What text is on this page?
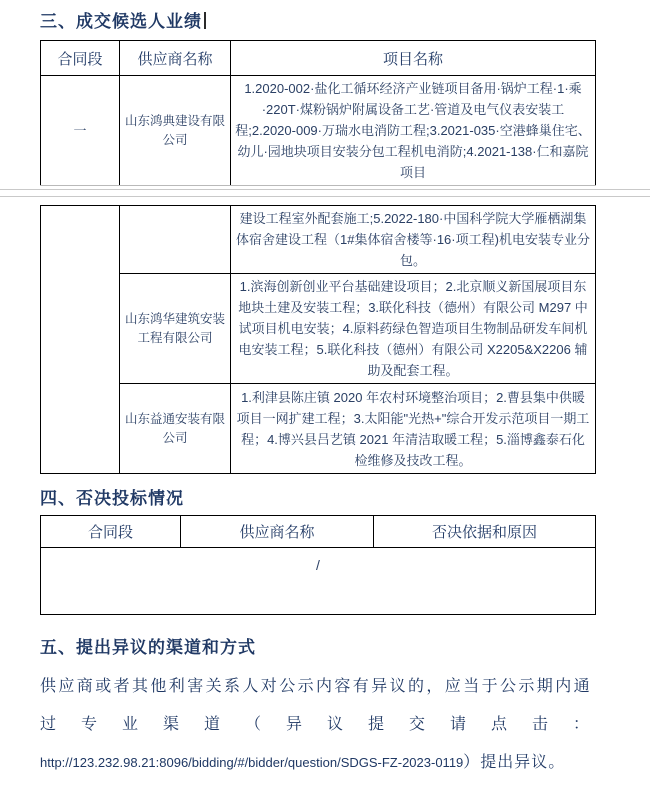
三、成交候选人业绩
合同段	供应商名称	项目名称
一	山东鸿典建设有限公司	1.2020-002·盐化工循环经济产业链项目备用·锅炉工程·1·乘·220T·煤粉锅炉附属设备工艺·管道及电气仪表安装工程;2.2020-009·万瑞水电消防工程;3.2021-035·空港蜂巢住宅、幼儿·园地块项目安装分包工程机电消防;4.2021-138·仁和嘉院项目
		建设工程室外配套施工;5.2022-180·中国科学院大学雁栖湖集体宿舍建设工程（1#集体宿舍楼等·16·项工程)机电安装专业分包。
	山东鸿华建筑安装工程有限公司	1.滨海创新创业平台基础建设项目；2.北京顺义新国展项目东地块土建及安装工程；3.联化科技（德州）有限公司 M297 中试项目机电安装；4.原料药绿色智造项目生物制品研发车间机电安装工程；5.联化科技（德州）有限公司 X2205&X2206 辅助及配套工程。
	山东益通安装有限公司	1.利津县陈庄镇 2020 年农村环境整治项目；2.曹县集中供暖项目一网扩建工程；3.太阳能"光热+"综合开发示范项目一期工程；4.博兴县吕艺镇 2021 年清洁取暖工程；5.淄博鑫泰石化检维修及技改工程。
四、否决投标情况
合同段	供应商名称	否决依据和原因
/
五、提出异议的渠道和方式
供应商或者其他利害关系人对公示内容有异议的，应当于公示期内通
过专业渠道（异议提交请点击：
http://123.232.98.21:8096/bidding/#/bidder/question/SDGS-FZ-2023-0119）提出异议。
